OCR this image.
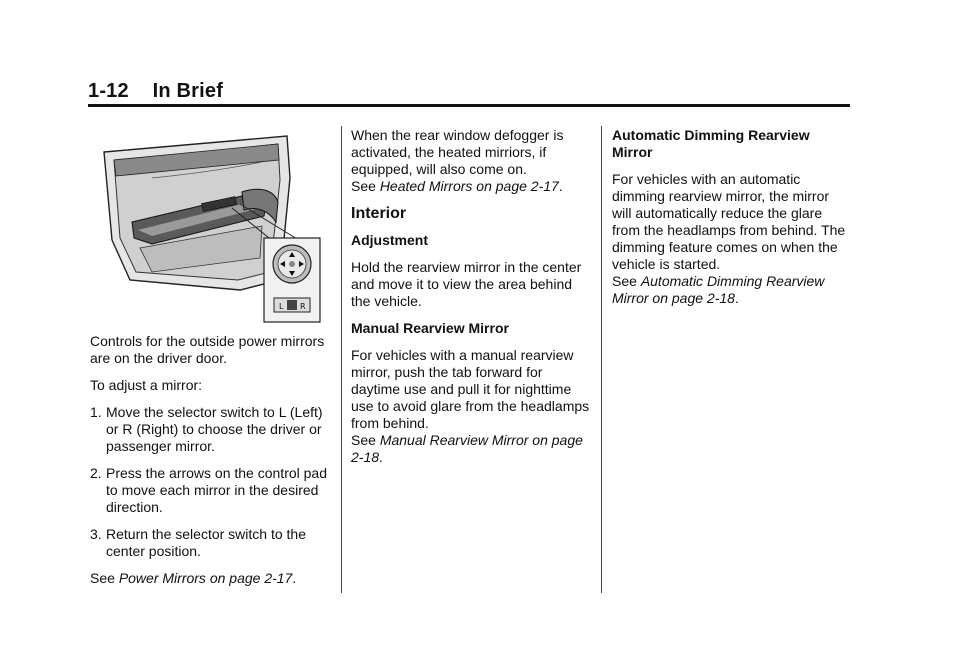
1-12 In Brief
L R

Controls for the outside power mirrors are on the driver door.

To adjust a mirror:

1. Move the selector switch to L (Left) or R (Right) to choose the driver or passenger mirror.
2. Press the arrows on the control pad to move each mirror in the desired direction.
3. Return the selector switch to the center position.

See Power Mirrors on page 2-17.

When the rear window defogger is activated, the heated mirriors, if equipped, will also come on.
See Heated Mirrors on page 2-17.

Interior
Adjustment

Hold the rearview mirror in the center and move it to view the area behind the vehicle.

Manual Rearview Mirror

For vehicles with a manual rearview mirror, push the tab forward for daytime use and pull it for nighttime use to avoid glare from the headlamps from behind.
See Manual Rearview Mirror on page 2-18.

Automatic Dimming Rearview Mirror

For vehicles with an automatic dimming rearview mirror, the mirror will automatically reduce the glare from the headlamps from behind. The dimming feature comes on when the vehicle is started.
See Automatic Dimming Rearview Mirror on page 2-18.
